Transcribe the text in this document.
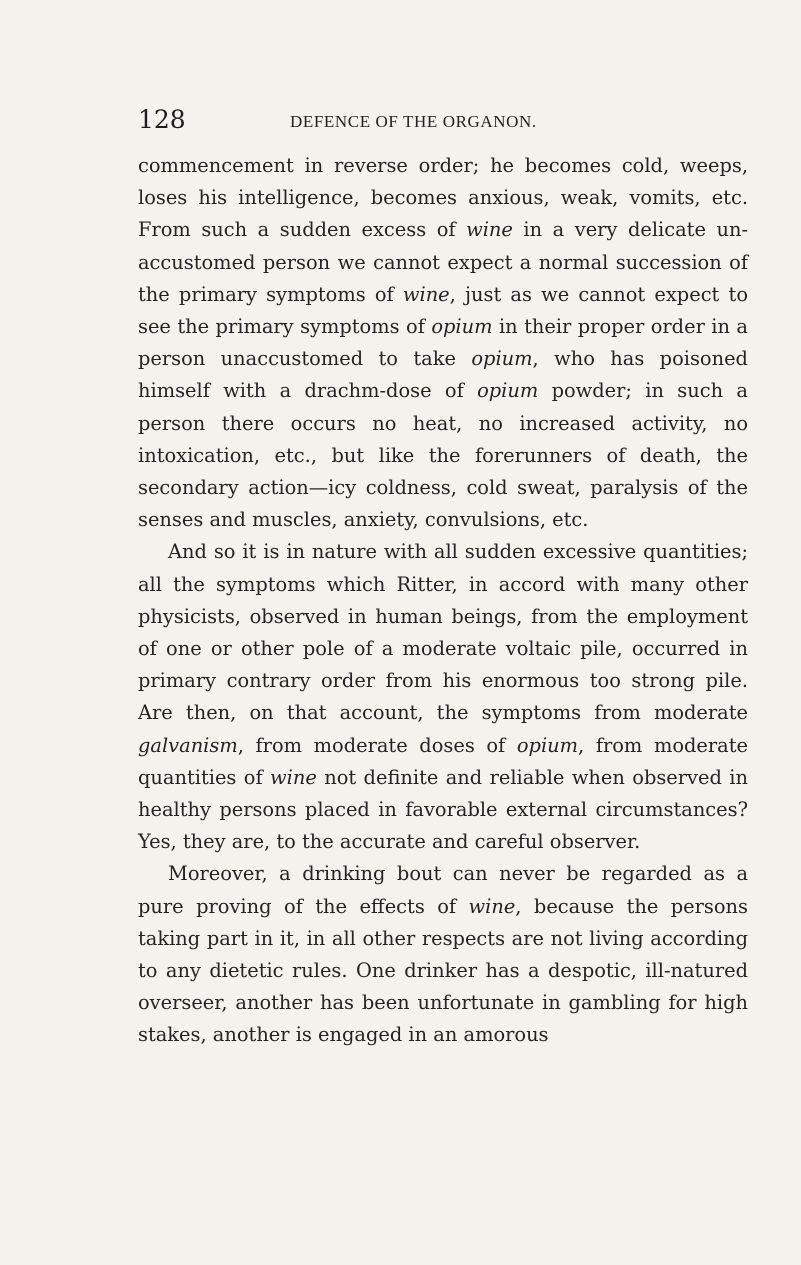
128	DEFENCE OF THE ORGANON.

commencement in reverse order; he becomes cold, weeps, loses his intelligence, becomes anxious, weak, vomits, etc. From such a sudden excess of wine in a very delicate unaccustomed person we cannot expect a normal succession of the primary symptoms of wine, just as we cannot expect to see the primary symptoms of opium in their proper order in a person unaccustomed to take opium, who has poisoned himself with a drachm-dose of opium powder; in such a person there occurs no heat, no increased activity, no intoxication, etc., but like the forerunners of death, the secondary action—icy coldness, cold sweat, paralysis of the senses and muscles, anxiety, convulsions, etc.

And so it is in nature with all sudden excessive quantities; all the symptoms which Ritter, in accord with many other physicists, observed in human beings, from the employment of one or other pole of a moderate voltaic pile, occurred in primary contrary order from his enormous too strong pile. Are then, on that account, the symptoms from moderate galvanism, from moderate doses of opium, from moderate quantities of wine not definite and reliable when observed in healthy persons placed in favorable external circumstances? Yes, they are, to the accurate and careful observer.

Moreover, a drinking bout can never be regarded as a pure proving of the effects of wine, because the persons taking part in it, in all other respects are not living according to any dietetic rules. One drinker has a despotic, ill-natured overseer, another has been unfortunate in gambling for high stakes, another is engaged in an amorous
